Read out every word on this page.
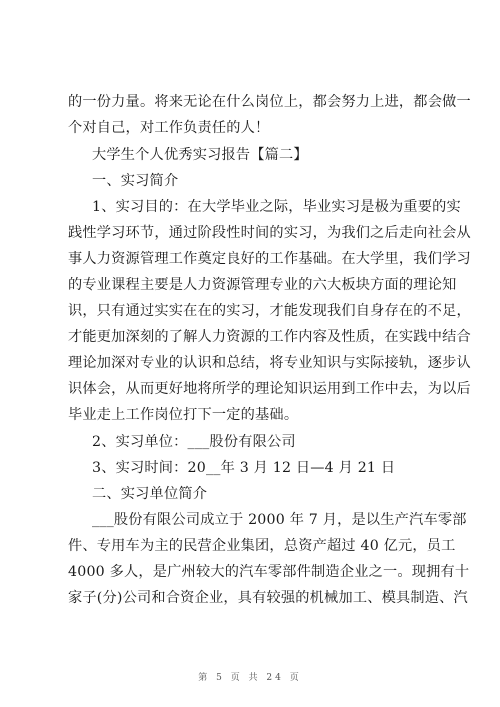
的一份力量。将来无论在什么岗位上，都会努力上进，都会做一
个对自己，对工作负责任的人！
大学生个人优秀实习报告【篇二】
一、实习简介
1、实习目的：在大学毕业之际，毕业实习是极为重要的实
践性学习环节，通过阶段性时间的实习，为我们之后走向社会从
事人力资源管理工作奠定良好的工作基础。在大学里，我们学习
的专业课程主要是人力资源管理专业的六大板块方面的理论知
识，只有通过实实在在的实习，才能发现我们自身存在的不足，
才能更加深刻的了解人力资源的工作内容及性质，在实践中结合
理论加深对专业的认识和总结，将专业知识与实际接轨，逐步认
识体会，从而更好地将所学的理论知识运用到工作中去，为以后
毕业走上工作岗位打下一定的基础。
2、实习单位：___股份有限公司
3、实习时间：20__年 3 月 12 日—4 月 21 日
二、实习单位简介
___股份有限公司成立于 2000 年 7 月，是以生产汽车零部
件、专用车为主的民营企业集团，总资产超过 40 亿元，员工
4000 多人，是广州较大的汽车零部件制造企业之一。现拥有十
家子(分)公司和合资企业，具有较强的机械加工、模具制造、汽
第 5 页 共 24 页
